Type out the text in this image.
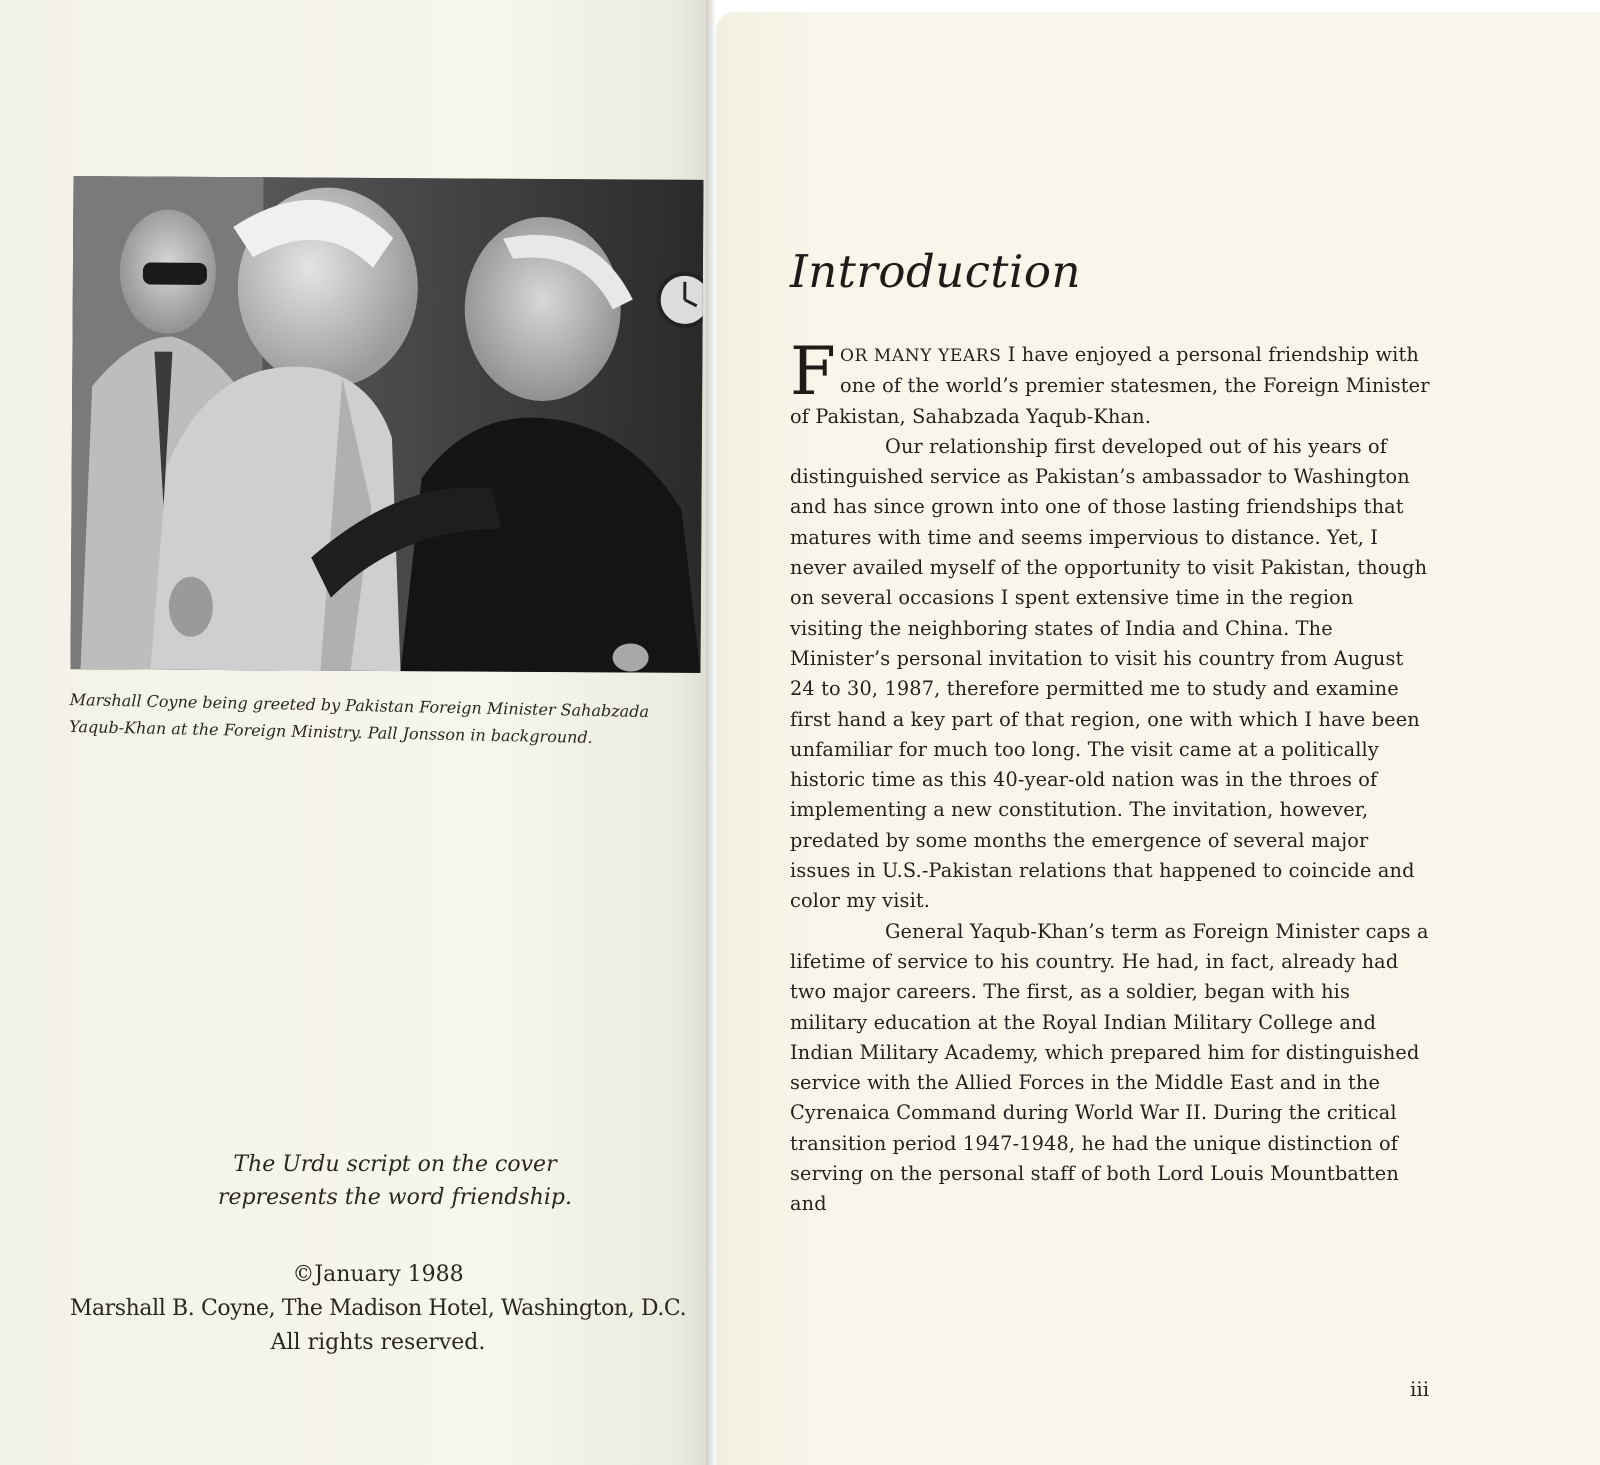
Marshall Coyne being greeted by Pakistan Foreign Minister Sahabzada
Yaqub-Khan at the Foreign Ministry. Pall Jonsson in background.
The Urdu script on the cover
represents the word friendship.
©January 1988
Marshall B. Coyne, The Madison Hotel, Washington, D.C.
All rights reserved.
Introduction

FOR MANY YEARS I have enjoyed a personal friendship with one of the world’s premier statesmen, the Foreign Minister of Pakistan, Sahabzada Yaqub-Khan.

Our relationship first developed out of his years of distinguished service as Pakistan’s ambassador to Washington and has since grown into one of those lasting friendships that matures with time and seems impervious to distance. Yet, I never availed myself of the opportunity to visit Pakistan, though on several occasions I spent extensive time in the region visiting the neighboring states of India and China. The Minister’s personal invitation to visit his country from August 24 to 30, 1987, therefore permitted me to study and examine first hand a key part of that region, one with which I have been unfamiliar for much too long. The visit came at a politically historic time as this 40-year-old nation was in the throes of implementing a new constitution. The invitation, however, predated by some months the emergence of several major issues in U.S.-Pakistan relations that happened to coincide and color my visit.

General Yaqub-Khan’s term as Foreign Minister caps a lifetime of service to his country. He had, in fact, already had two major careers. The first, as a soldier, began with his military education at the Royal Indian Military College and Indian Military Academy, which prepared him for distinguished service with the Allied Forces in the Middle East and in the Cyrenaica Command during World War II. During the critical transition period 1947-1948, he had the unique distinction of serving on the personal staff of both Lord Louis Mountbatten and

iii
